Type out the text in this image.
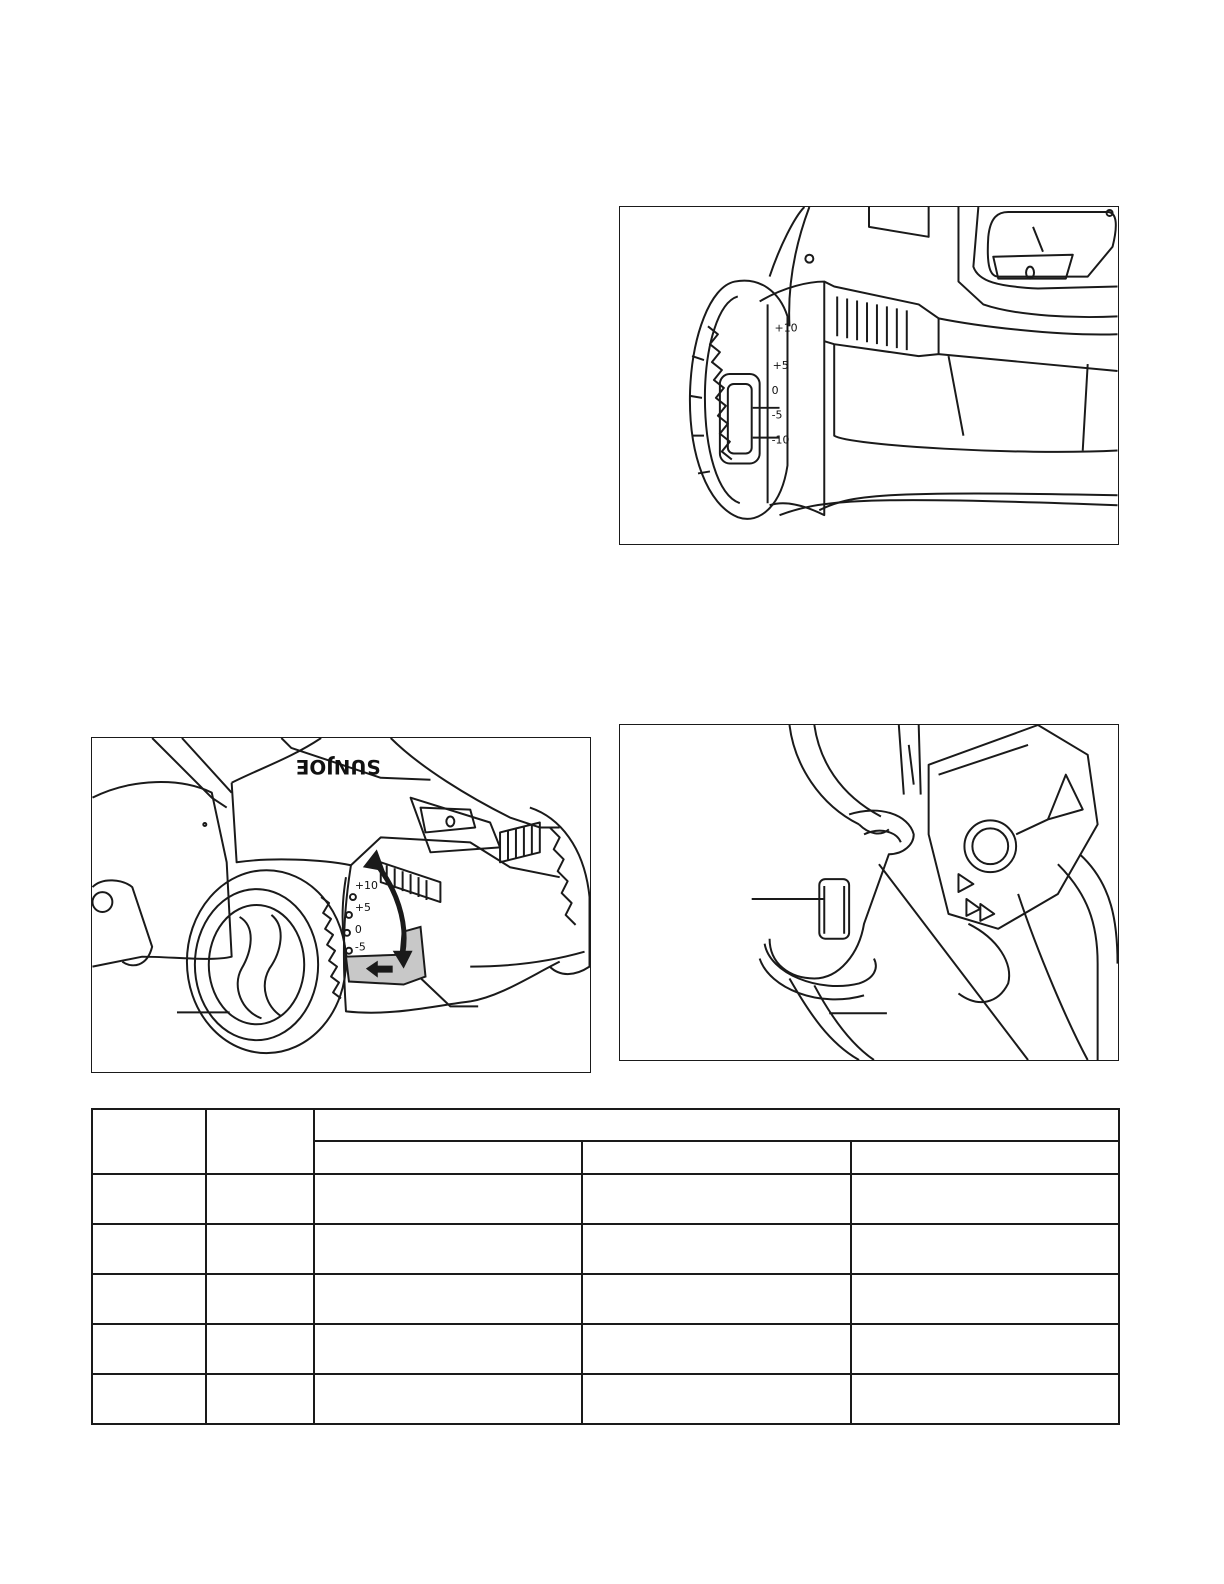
+10
+5
0
-5
-10
+10
+5
0
-5
SUNJOE
